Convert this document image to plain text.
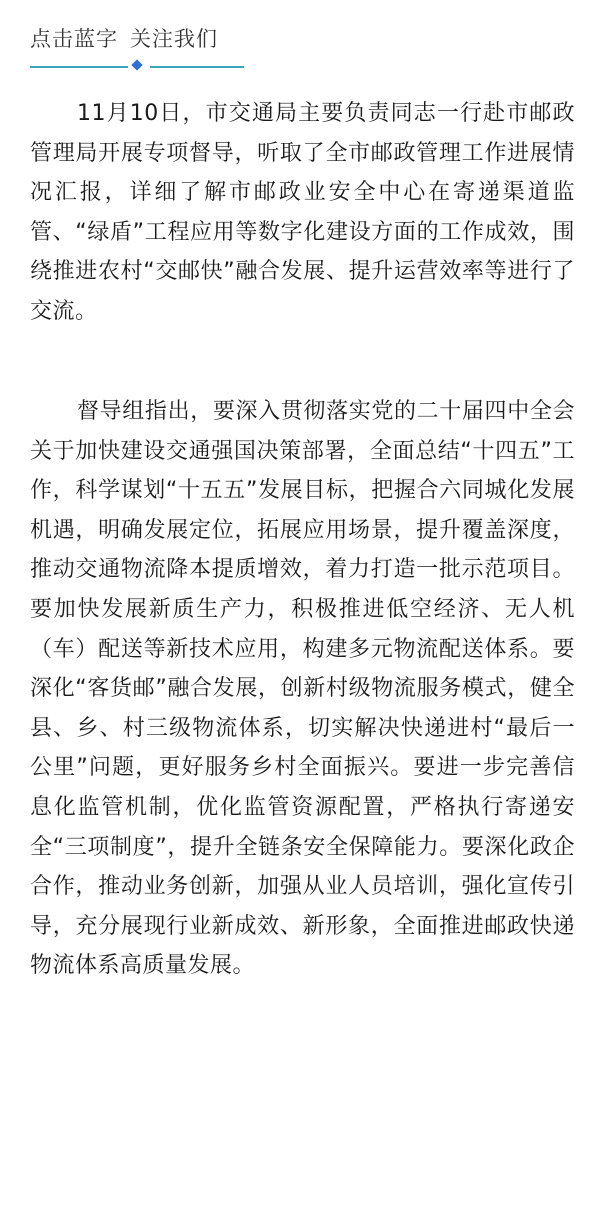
点击蓝字 关注我们

11月10日，市交通局主要负责同志一行赴市邮政管理局开展专项督导，听取了全市邮政管理工作进展情况汇报，详细了解市邮政业安全中心在寄递渠道监管、“绿盾”工程应用等数字化建设方面的工作成效，围绕推进农村“交邮快”融合发展、提升运营效率等进行了交流。

督导组指出，要深入贯彻落实党的二十届四中全会关于加快建设交通强国决策部署，全面总结“十四五”工作，科学谋划“十五五”发展目标，把握合六同城化发展机遇，明确发展定位，拓展应用场景，提升覆盖深度，推动交通物流降本提质增效，着力打造一批示范项目。要加快发展新质生产力，积极推进低空经济、无人机（车）配送等新技术应用，构建多元物流配送体系。要深化“客货邮”融合发展，创新村级物流服务模式，健全县、乡、村三级物流体系，切实解决快递进村“最后一公里”问题，更好服务乡村全面振兴。要进一步完善信息化监管机制，优化监管资源配置，严格执行寄递安全“三项制度”，提升全链条安全保障能力。要深化政企合作，推动业务创新，加强从业人员培训，强化宣传引导，充分展现行业新成效、新形象，全面推进邮政快递物流体系高质量发展。
